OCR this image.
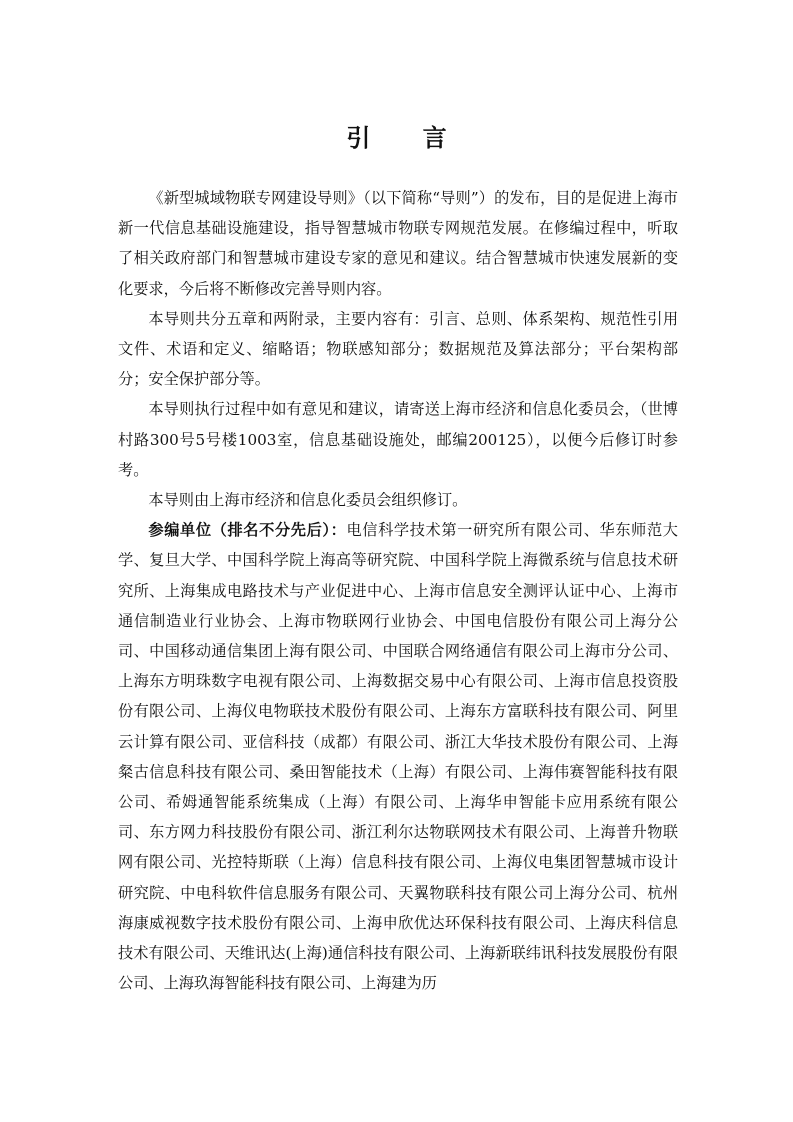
引 言

《新型城域物联专网建设导则》（以下简称“导则”）的发布，目的是促进上海市新一代信息基础设施建设，指导智慧城市物联专网规范发展。在修编过程中，听取了相关政府部门和智慧城市建设专家的意见和建议。结合智慧城市快速发展新的变化要求，今后将不断修改完善导则内容。

本导则共分五章和两附录，主要内容有：引言、总则、体系架构、规范性引用文件、术语和定义、缩略语；物联感知部分；数据规范及算法部分；平台架构部分；安全保护部分等。

本导则执行过程中如有意见和建议，请寄送上海市经济和信息化委员会，（世博村路300号5号楼1003室，信息基础设施处，邮编200125），以便今后修订时参考。

本导则由上海市经济和信息化委员会组织修订。

参编单位（排名不分先后）：电信科学技术第一研究所有限公司、华东师范大学、复旦大学、中国科学院上海高等研究院、中国科学院上海微系统与信息技术研究所、上海集成电路技术与产业促进中心、上海市信息安全测评认证中心、上海市通信制造业行业协会、上海市物联网行业协会、中国电信股份有限公司上海分公司、中国移动通信集团上海有限公司、中国联合网络通信有限公司上海市分公司、上海东方明珠数字电视有限公司、上海数据交易中心有限公司、上海市信息投资股份有限公司、上海仪电物联技术股份有限公司、上海东方富联科技有限公司、阿里云计算有限公司、亚信科技（成都）有限公司、浙江大华技术股份有限公司、上海粲古信息科技有限公司、桑田智能技术（上海）有限公司、上海伟赛智能科技有限公司、希姆通智能系统集成（上海）有限公司、上海华申智能卡应用系统有限公司、东方网力科技股份有限公司、浙江利尔达物联网技术有限公司、上海普升物联网有限公司、光控特斯联（上海）信息科技有限公司、上海仪电集团智慧城市设计研究院、中电科软件信息服务有限公司、天翼物联科技有限公司上海分公司、杭州海康威视数字技术股份有限公司、上海申欣优达环保科技有限公司、上海庆科信息技术有限公司、天维讯达(上海)通信科技有限公司、上海新联纬讯科技发展股份有限公司、上海玖海智能科技有限公司、上海建为历
